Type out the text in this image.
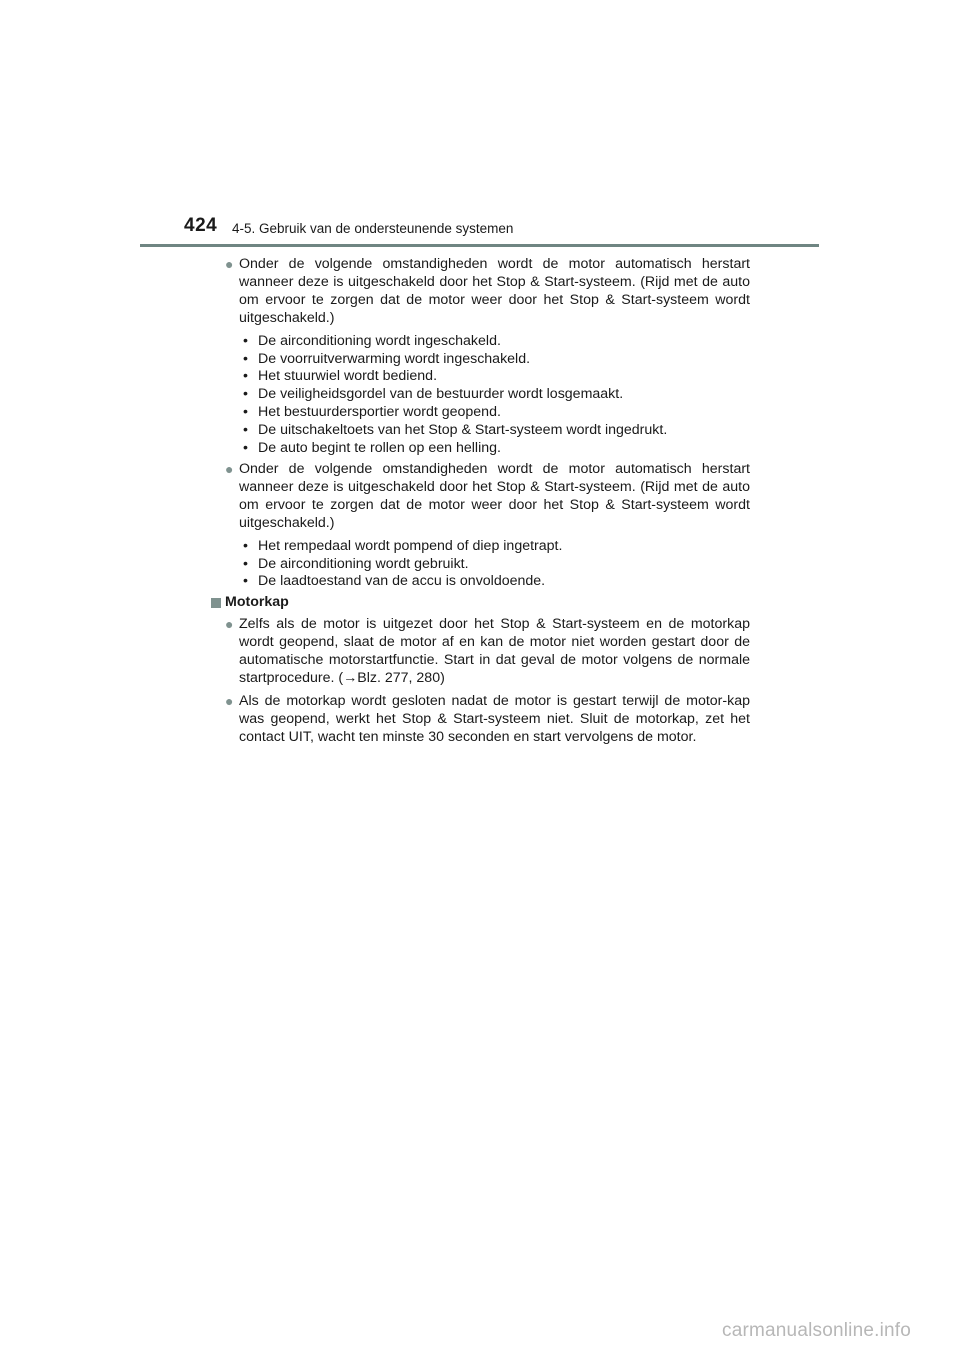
424 4-5. Gebruik van de ondersteunende systemen

● Onder de volgende omstandigheden wordt de motor automatisch herstart wanneer deze is uitgeschakeld door het Stop & Start-systeem. (Rijd met de auto om ervoor te zorgen dat de motor weer door het Stop & Start-systeem wordt uitgeschakeld.)

• De airconditioning wordt ingeschakeld.
• De voorruitverwarming wordt ingeschakeld.
• Het stuurwiel wordt bediend.
• De veiligheidsgordel van de bestuurder wordt losgemaakt.
• Het bestuurdersportier wordt geopend.
• De uitschakeltoets van het Stop & Start-systeem wordt ingedrukt.
• De auto begint te rollen op een helling.

● Onder de volgende omstandigheden wordt de motor automatisch herstart wanneer deze is uitgeschakeld door het Stop & Start-systeem. (Rijd met de auto om ervoor te zorgen dat de motor weer door het Stop & Start-systeem wordt uitgeschakeld.)

• Het rempedaal wordt pompend of diep ingetrapt.
• De airconditioning wordt gebruikt.
• De laadtoestand van de accu is onvoldoende.
Motorkap

● Zelfs als de motor is uitgezet door het Stop & Start-systeem en de motorkap wordt geopend, slaat de motor af en kan de motor niet worden gestart door de automatische motorstartfunctie. Start in dat geval de motor volgens de normale startprocedure. (→Blz. 277, 280)

● Als de motorkap wordt gesloten nadat de motor is gestart terwijl de motor-kap was geopend, werkt het Stop & Start-systeem niet. Sluit de motorkap, zet het contact UIT, wacht ten minste 30 seconden en start vervolgens de motor.

carmanualsonline.info
